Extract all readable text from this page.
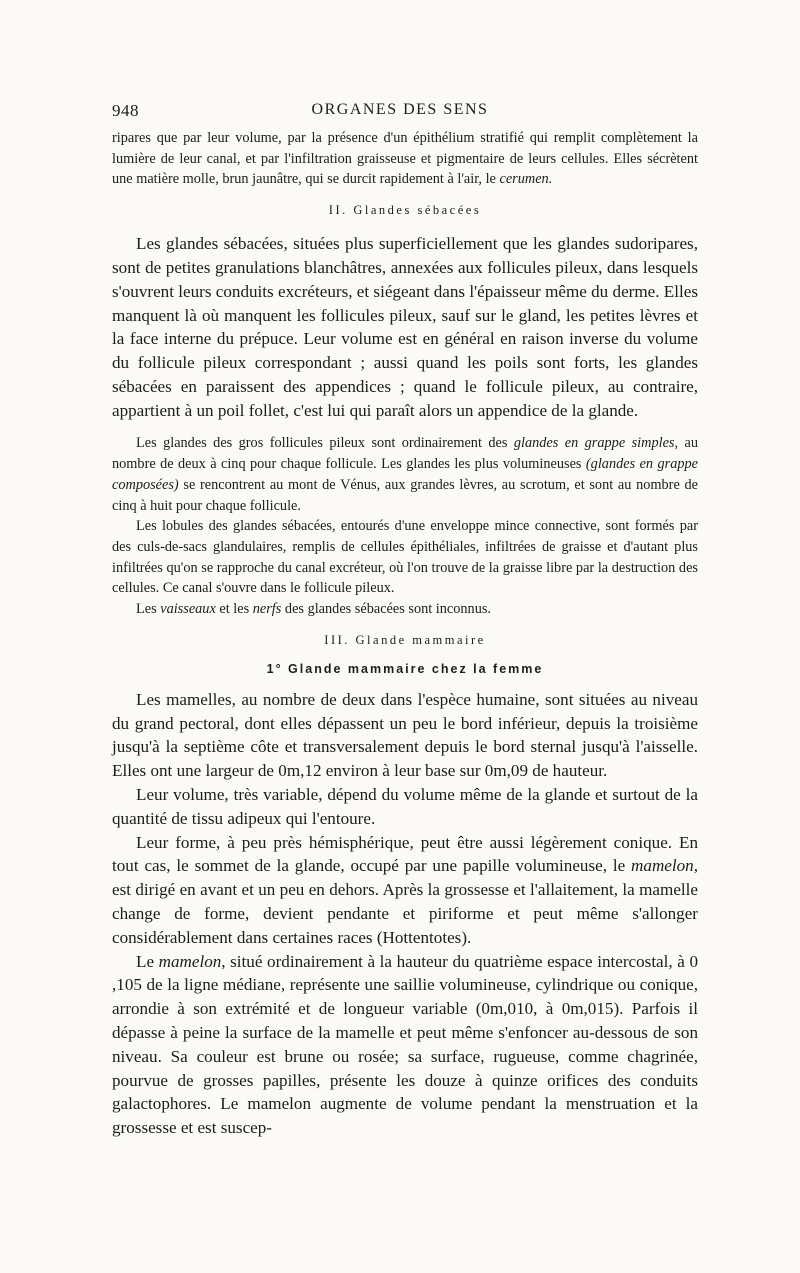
948	ORGANES DES SENS

ripares que par leur volume, par la présence d'un épithélium stratifié qui remplit complètement la lumière de leur canal, et par l'infiltration graisseuse et pigmentaire de leurs cellules. Elles sécrètent une matière molle, brun jaunâtre, qui se durcit rapidement à l'air, le cerumen.

II. Glandes sébacées

Les glandes sébacées, situées plus superficiellement que les glandes sudoripares, sont de petites granulations blanchâtres, annexées aux follicules pileux, dans lesquels s'ouvrent leurs conduits excréteurs, et siégeant dans l'épaisseur même du derme. Elles manquent là où manquent les follicules pileux, sauf sur le gland, les petites lèvres et la face interne du prépuce. Leur volume est en général en raison inverse du volume du follicule pileux correspondant ; aussi quand les poils sont forts, les glandes sébacées en paraissent des appendices ; quand le follicule pileux, au contraire, appartient à un poil follet, c'est lui qui paraît alors un appendice de la glande.

Les glandes des gros follicules pileux sont ordinairement des glandes en grappe simples, au nombre de deux à cinq pour chaque follicule. Les glandes les plus volumineuses (glandes en grappe composées) se rencontrent au mont de Vénus, aux grandes lèvres, au scrotum, et sont au nombre de cinq à huit pour chaque follicule.

Les lobules des glandes sébacées, entourés d'une enveloppe mince connective, sont formés par des culs-de-sacs glandulaires, remplis de cellules épithéliales, infiltrées de graisse et d'autant plus infiltrées qu'on se rapproche du canal excréteur, où l'on trouve de la graisse libre par la destruction des cellules. Ce canal s'ouvre dans le follicule pileux.

Les vaisseaux et les nerfs des glandes sébacées sont inconnus.

III. Glande mammaire
1° Glande mammaire chez la femme

Les mamelles, au nombre de deux dans l'espèce humaine, sont situées au niveau du grand pectoral, dont elles dépassent un peu le bord inférieur, depuis la troisième jusqu'à la septième côte et transversalement depuis le bord sternal jusqu'à l'aisselle. Elles ont une largeur de 0m,12 environ à leur base sur 0m,09 de hauteur.

Leur volume, très variable, dépend du volume même de la glande et surtout de la quantité de tissu adipeux qui l'entoure.

Leur forme, à peu près hémisphérique, peut être aussi légèrement conique. En tout cas, le sommet de la glande, occupé par une papille volumineuse, le mamelon, est dirigé en avant et un peu en dehors. Après la grossesse et l'allaitement, la mamelle change de forme, devient pendante et piriforme et peut même s'allonger considérablement dans certaines races (Hottentotes).

Le mamelon, situé ordinairement à la hauteur du quatrième espace intercostal, à 0 ,105 de la ligne médiane, représente une saillie volumineuse, cylindrique ou conique, arrondie à son extrémité et de longueur variable (0m,010, à 0m,015). Parfois il dépasse à peine la surface de la mamelle et peut même s'enfoncer au-dessous de son niveau. Sa couleur est brune ou rosée; sa surface, rugueuse, comme chagrinée, pourvue de grosses papilles, présente les douze à quinze orifices des conduits galactophores. Le mamelon augmente de volume pendant la menstruation et la grossesse et est suscep-
